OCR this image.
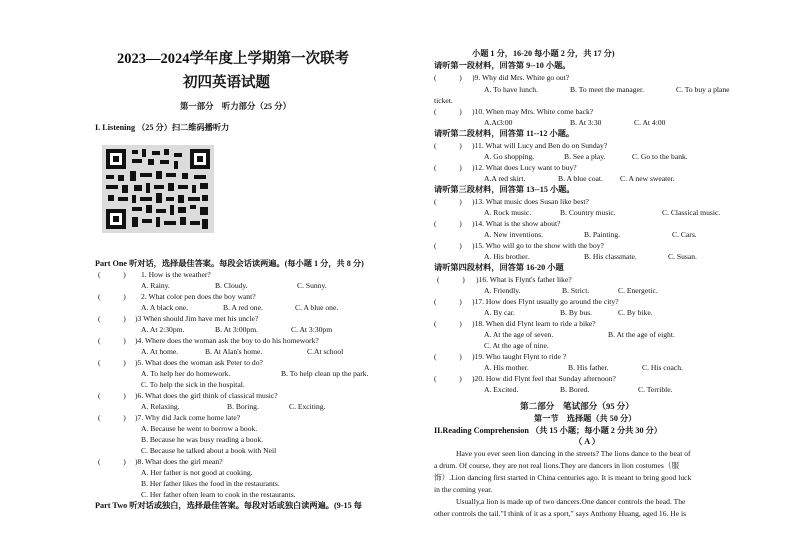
2023—2024学年度上学期第一次联考
初四英语试题
第一部分　听力部分（25 分）
I. Listening （25 分）扫二维码播听力
Part One 听对话，选择最佳答案。每段会话读两遍。(每小题 1 分，共 8 分)
(　　　) 1. How is the weather?
A. Rainy.	B. Cloudy.	C. Sunny.
(　　　) 2. What color pen does the boy want?
A. A black one.	B. A red one.	C. A blue one.
(　　　) )3 When should Jim have met his uncle?
A. At 2:30pm.	B. At 3:00pm.	C. At 3:30pm
(　　　) )4. Where does the woman ask the boy to do his homework?
A. At home.	B. At Alan's home.	C.At school
(　　　) )5. What does the woman ask Peter to do?
A. To help her do homework.	B. To help clean up the park.
C. To help the sick in the hospital.
(　　　) )6. What does the girl think of classical music?
A. Relaxing.	B. Boring.	C. Exciting.
(　　　) )7. Why did Jack come home late?
A. Because he went to borrow a book.
B. Because he was busy reading a book.
C. Because he talked about a book with Neil
(　　　) )8. What does the girl mean?
A. Her father is not good at cooking.
B. Her father likes the food in the restaurants.
C. Her father often learn to cook in the restaurants.
Part Two 听对话或独白，选择最佳答案。每段对话或独白读两遍。(9-15 每
小题 1 分，16-20 每小题 2 分，共 17 分)
请听第一段材料，回答第 9--10 小题。
(　　　) )9. Why did Mrs. White go out?
A. To have lunch.	B. To meet the manager.	C. To buy a plane
ticket.
(　　　) )10. When may Mrs. White come back?
A.At3:00	B. At 3:30	C. At 4:00
请听第二段材料，回答第 11--12 小题。
(　　　) )11. What will Lucy and Ben do on Sunday?
A. Go shopping.	B. See a play.	C. Go to the bank.
(　　　) )12. What does Lucy want to buy?
A.A red skirt.	B. A blue coat. C. A new sweater.
请听第三段材料，回答第 13--15 小题。
(　　　) )13. What music does Susan like best?
A. Rock music.	B. Country music.	C. Classical music.
(　　　) )14. What is the show about?
A. New inventions.	B. Painting.	C. Cars.
(　　　) )15. Who will go to the show with the boy?
A. His brother.	B. His classmate.	C. Susan.
请听第四段材料，回答第 16-20 小题
(　　　) )16. What is Flynt's father like?
A. Friendly.	B. Strict.	C. Energetic.
(　　　) )17. How does Flynt usually go around the city?
A. By car.	B. By bus.	C. By bike.
(　　　) )18. When did Flynt learn to ride a bike?
A. At the age of seven.	B. At the age of eight.
C. At the age of nine.
(　　　) )19. Who taught Flynt to ride ?
A. His mother.	B. His father.	C. His coach.
(　　　) )20. How did Flynt feel that Sunday afternoon?
A. Excited.	B. Bored.	C. Terrible.
第二部分　笔试部分（95 分）
第一节　选择题（共 50 分）
II.Reading Comprehension （共 15 小题；每小题 2 分共 30 分）
（ A ）
Have you ever seen lion dancing in the streets? The lions dance to the beat of
a drum. Of course, they are not real lions.They are dancers in lion costumes（服
饰）.Lion dancing first started in China centuries ago. It is meant to bring good luck
in the coming year.
Usually,a lion is made up of two dancers.One dancer controls the head. The
other controls the tail."I think of it as a sport," says Anthony Huang, aged 16. He is
